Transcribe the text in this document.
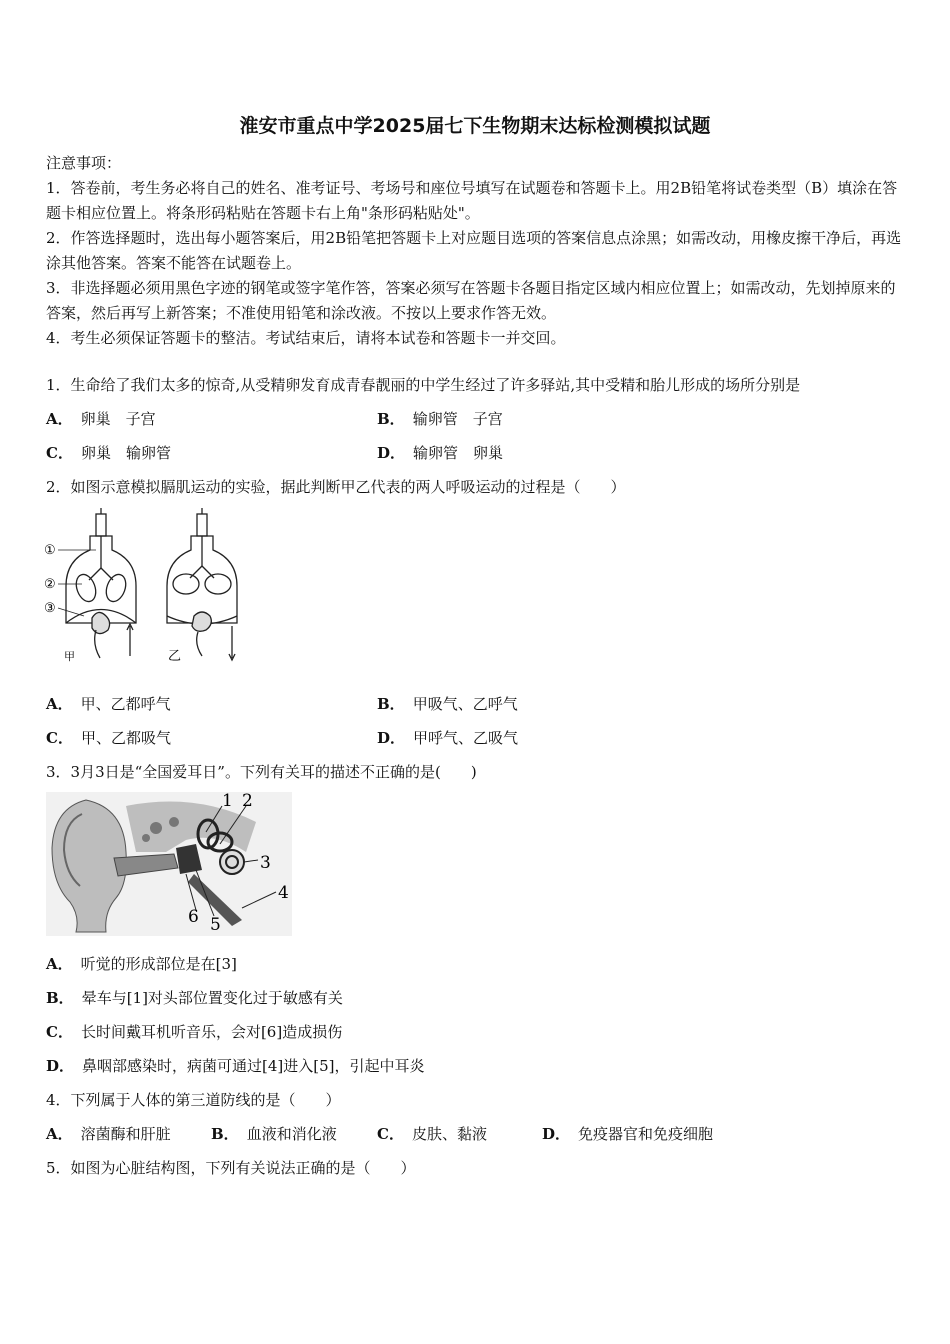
淮安市重点中学2025届七下生物期末达标检测模拟试题
注意事项：
1．答卷前，考生务必将自己的姓名、准考证号、考场号和座位号填写在试题卷和答题卡上。用2B铅笔将试卷类型（B）填涂在答题卡相应位置上。将条形码粘贴在答题卡右上角"条形码粘贴处"。
2．作答选择题时，选出每小题答案后，用2B铅笔把答题卡上对应题目选项的答案信息点涂黑；如需改动，用橡皮擦干净后，再选涂其他答案。答案不能答在试题卷上。
3．非选择题必须用黑色字迹的钢笔或签字笔作答，答案必须写在答题卡各题目指定区域内相应位置上；如需改动，先划掉原来的答案，然后再写上新答案；不准使用铅笔和涂改液。不按以上要求作答无效。
4．考生必须保证答题卡的整洁。考试结束后，请将本试卷和答题卡一并交回。
1．生命给了我们太多的惊奇,从受精卵发育成青春靓丽的中学生经过了许多驿站,其中受精和胎儿形成的场所分别是
A． 卵巢　子宫	B． 输卵管　子宫
C． 卵巢　输卵管	D． 输卵管　卵巢
2．如图示意模拟膈肌运动的实验，据此判断甲乙代表的两人呼吸运动的过程是（　　）
①
②
③
甲	乙
A． 甲、乙都呼气	B． 甲吸气、乙呼气
C． 甲、乙都吸气	D． 甲呼气、乙吸气
3．3月3日是“全国爱耳日”。下列有关耳的描述不正确的是(　　)
1 2
3
4
5
6
A． 听觉的形成部位是在[3]
B． 晕车与[1]对头部位置变化过于敏感有关
C． 长时间戴耳机听音乐，会对[6]造成损伤
D． 鼻咽部感染时，病菌可通过[4]进入[5]，引起中耳炎
4．下列属于人体的第三道防线的是（　　）
A． 溶菌酶和肝脏	B． 血液和消化液	C． 皮肤、黏液	D． 免疫器官和免疫细胞
5．如图为心脏结构图，下列有关说法正确的是（　　）
